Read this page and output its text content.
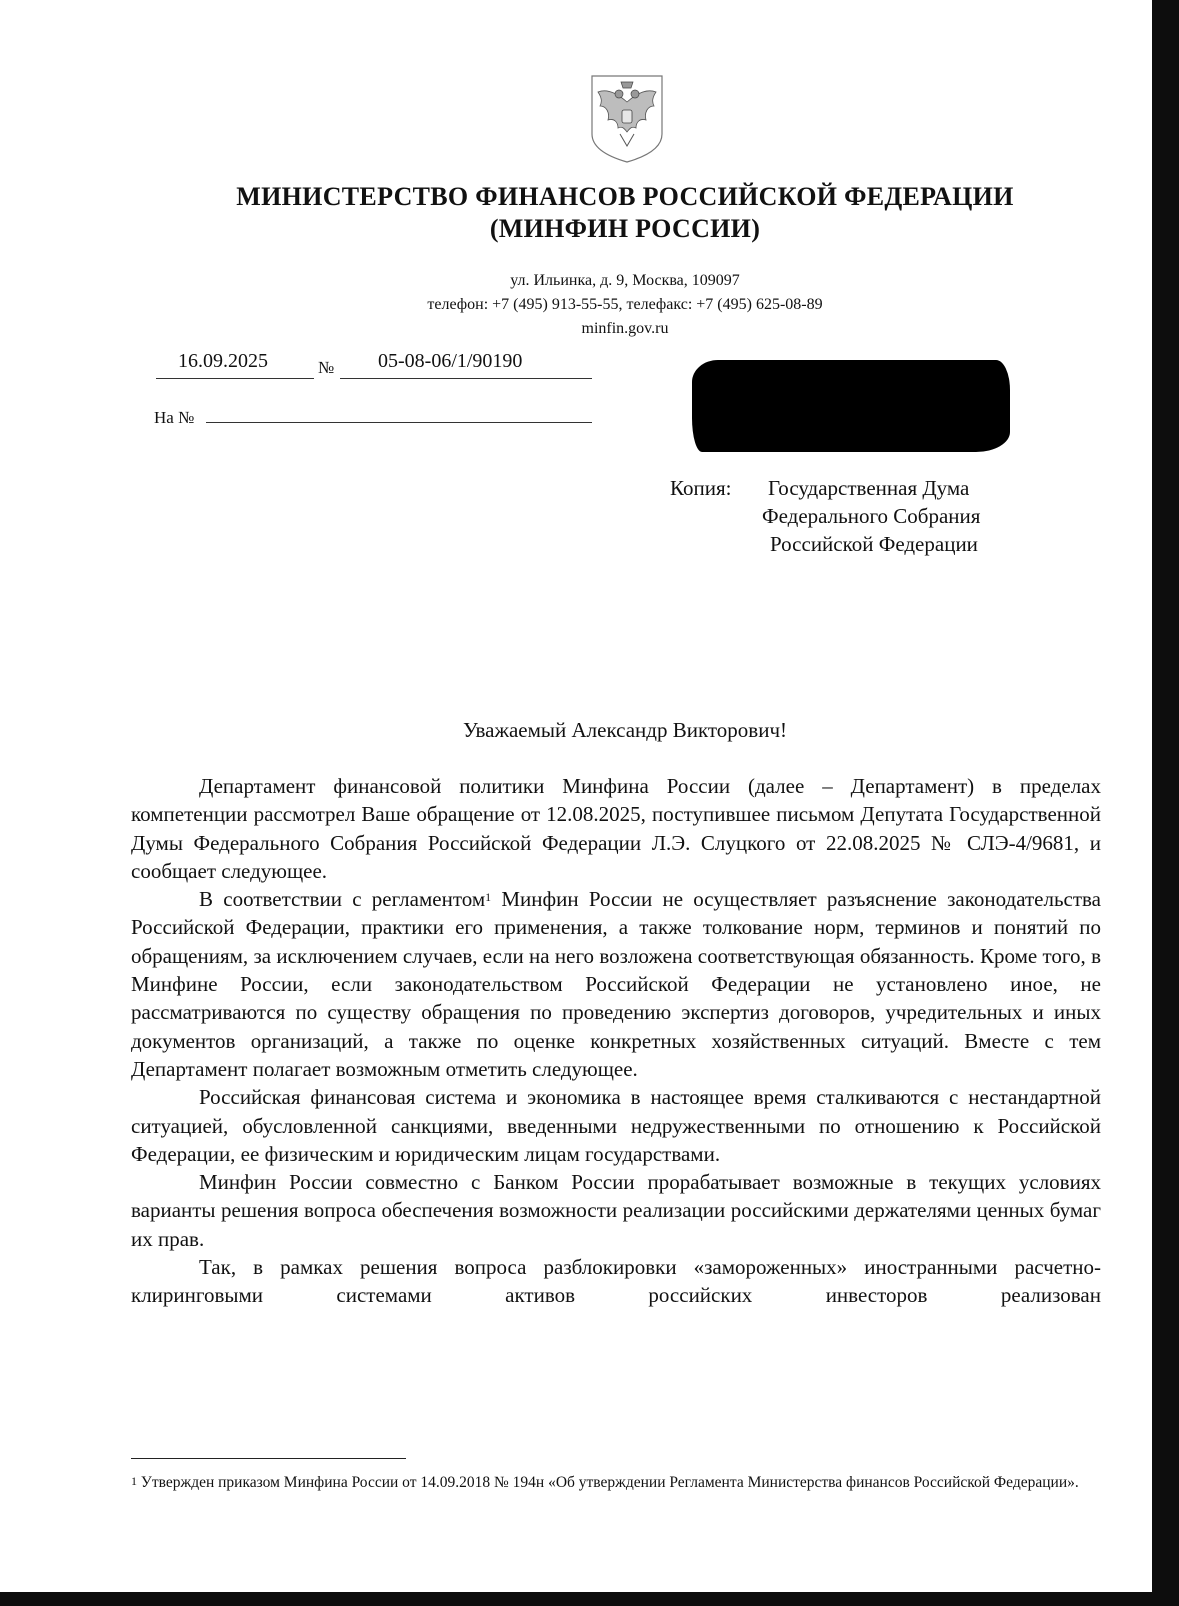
МИНИСТЕРСТВО ФИНАНСОВ РОССИЙСКОЙ ФЕДЕРАЦИИ
(МИНФИН РОССИИ)
ул. Ильинка, д. 9, Москва, 109097
телефон: +7 (495) 913-55-55, телефакс: +7 (495) 625-08-89
minfin.gov.ru
16.09.2025	№ 05-08-06/1/90190
На №
Копия: Государственная Дума
Федерального Собрания
Российской Федерации
Уважаемый Александр Викторович!

Департамент финансовой политики Минфина России (далее – Департамент) в пределах компетенции рассмотрел Ваше обращение от 12.08.2025, поступившее письмом Депутата Государственной Думы Федерального Собрания Российской Федерации Л.Э. Слуцкого от 22.08.2025 № СЛЭ-4/9681, и сообщает следующее.

В соответствии с регламентом$^1$ Минфин России не осуществляет разъяснение законодательства Российской Федерации, практики его применения, а также толкование норм, терминов и понятий по обращениям, за исключением случаев, если на него возложена соответствующая обязанность. Кроме того, в Минфине России, если законодательством Российской Федерации не установлено иное, не рассматриваются по существу обращения по проведению экспертиз договоров, учредительных и иных документов организаций, а также по оценке конкретных хозяйственных ситуаций. Вместе с тем Департамент полагает возможным отметить следующее.

Российская финансовая система и экономика в настоящее время сталкиваются с нестандартной ситуацией, обусловленной санкциями, введенными недружественными по отношению к Российской Федерации, ее физическим и юридическим лицам государствами.

Минфин России совместно с Банком России прорабатывает возможные в текущих условиях варианты решения вопроса обеспечения возможности реализации российскими держателями ценных бумаг их прав.

Так, в рамках решения вопроса разблокировки «замороженных» иностранными расчетно-клиринговыми системами активов российских инвесторов реализован

$^1$ Утвержден приказом Минфина России от 14.09.2018 № 194н «Об утверждении Регламента Министерства финансов Российской Федерации».
